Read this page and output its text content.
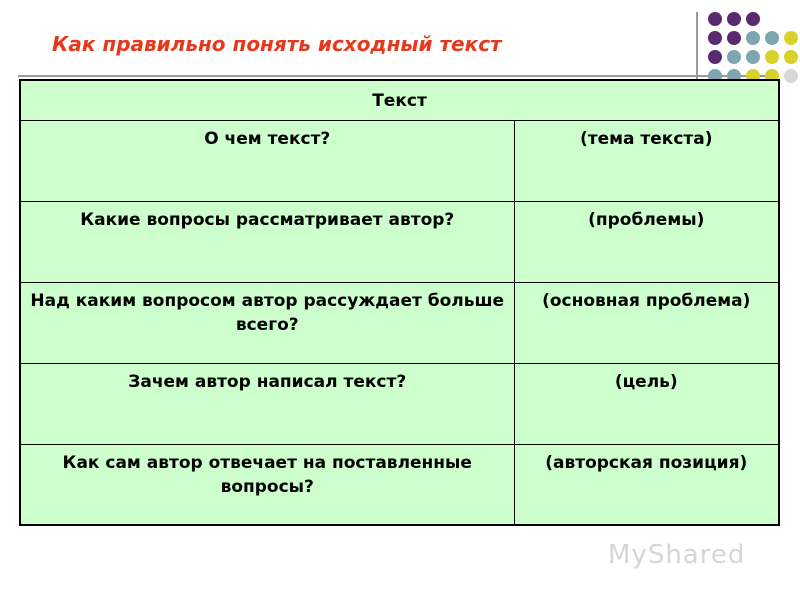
Как правильно понять исходный текст
Текст	
О чем текст?	(тема текста)
Какие вопросы рассматривает автор?	(проблемы)
Над каким вопросом автор рассуждает больше всего?	(основная проблема)
Зачем автор написал текст?	(цель)
Как сам автор отвечает на поставленные вопросы?	(авторская позиция)
MyShared
